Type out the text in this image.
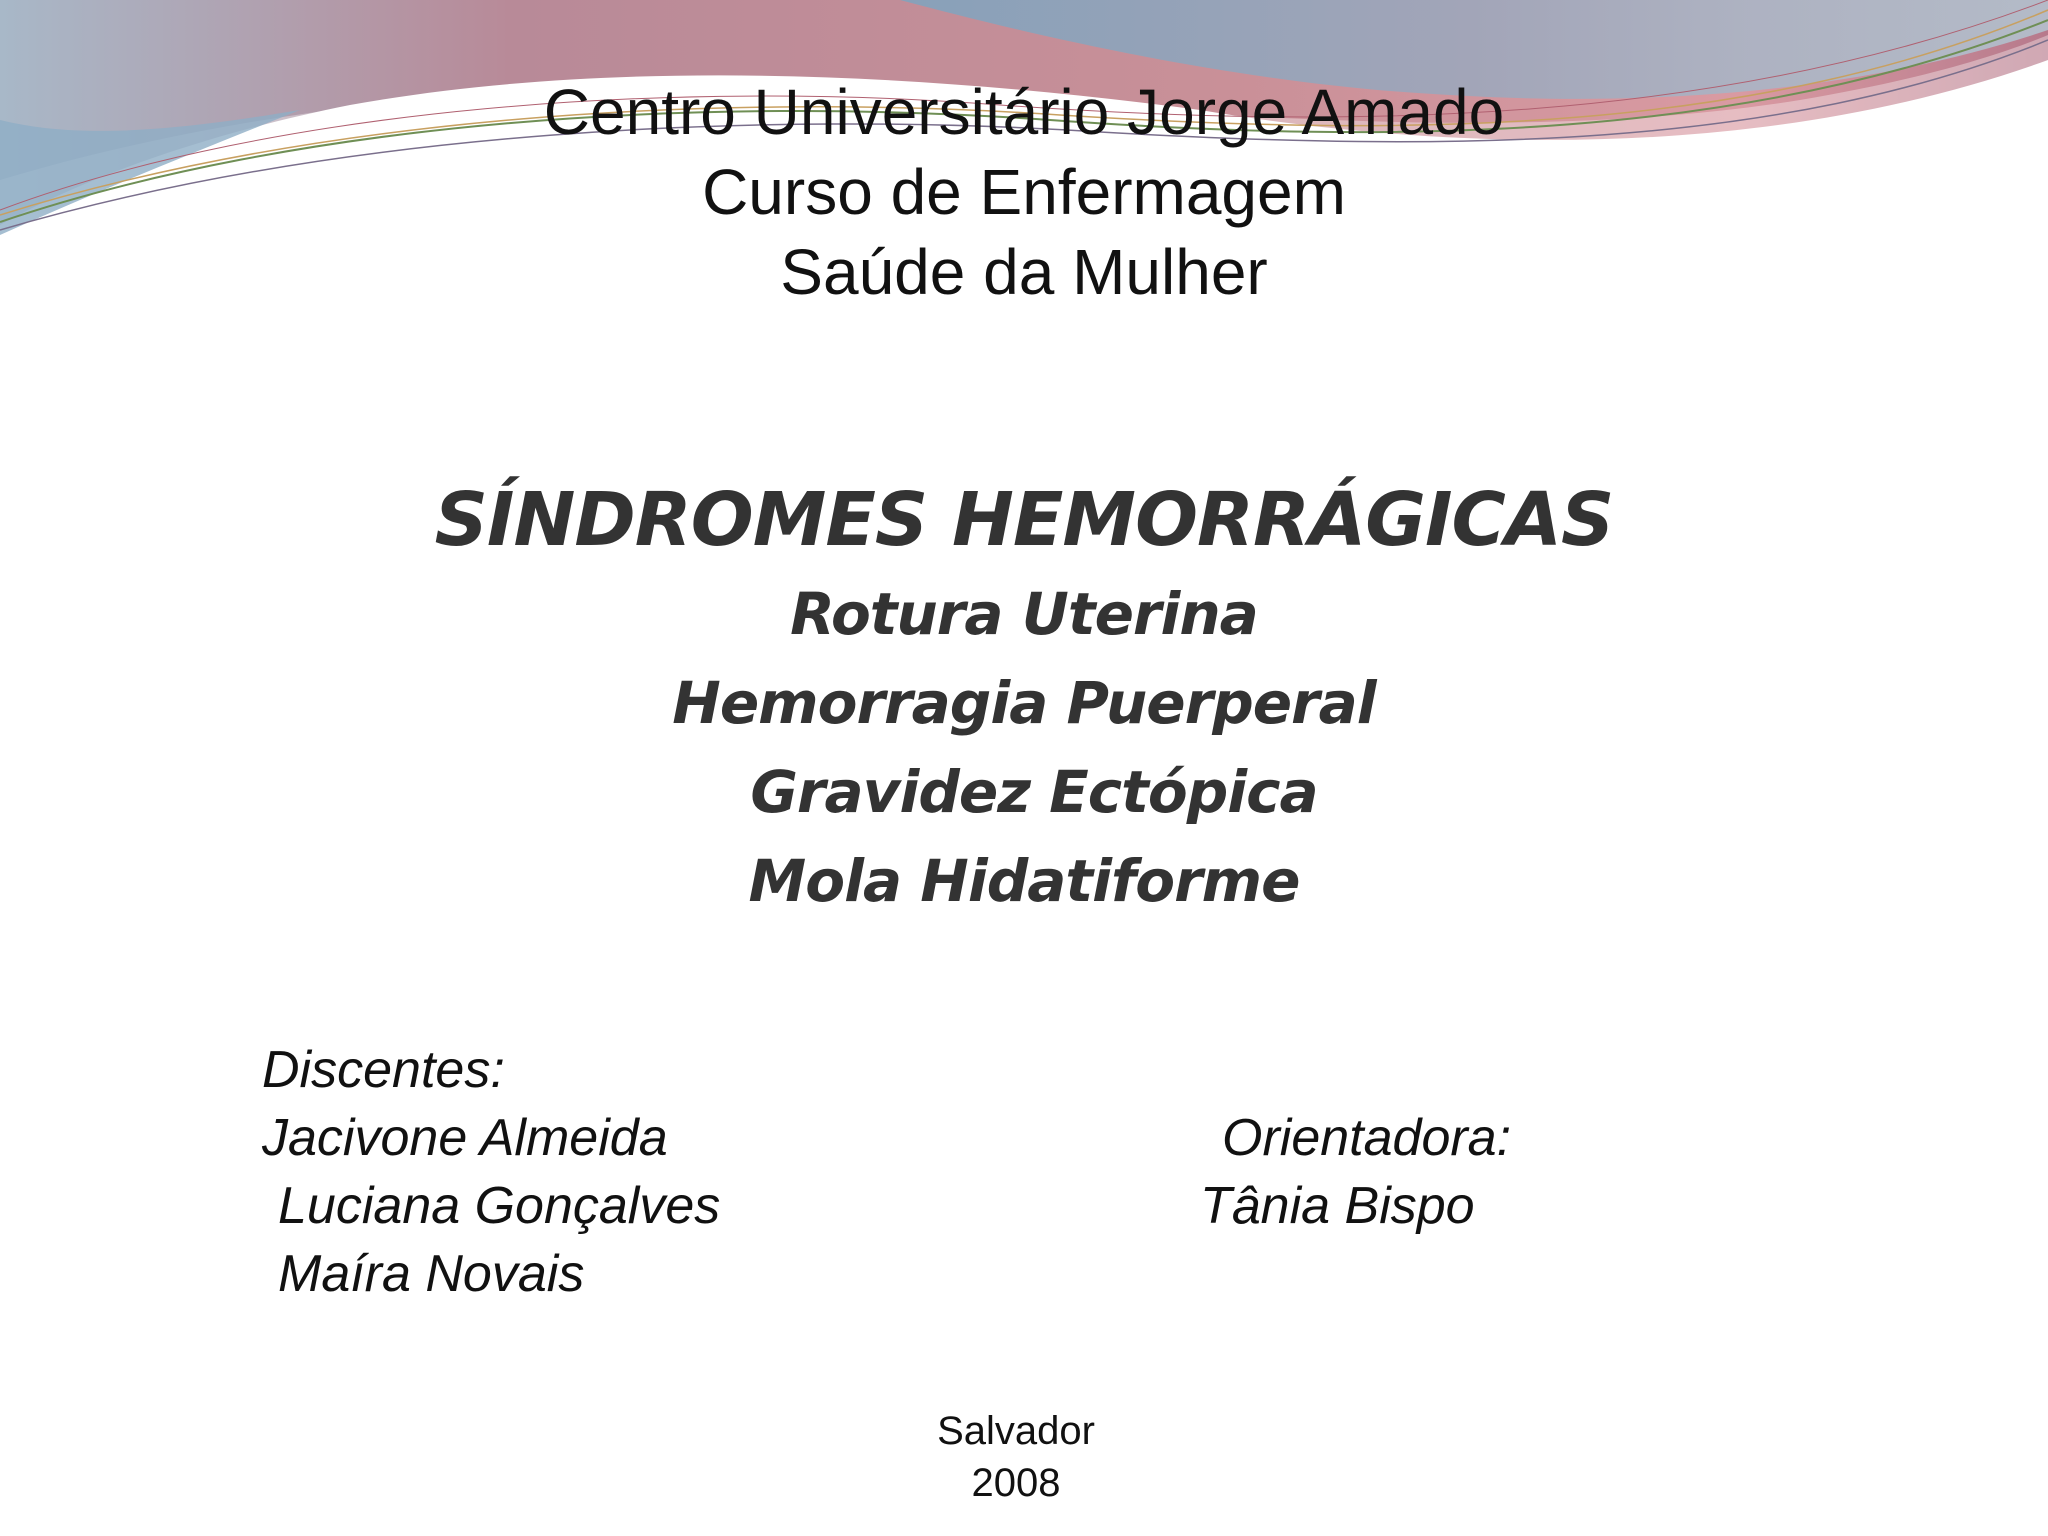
Centro Universitário Jorge Amado
Curso de Enfermagem
Saúde da Mulher
SÍNDROMES HEMORRÁGICAS
Rotura Uterina
Hemorragia Puerperal
Gravidez Ectópica
Mola Hidatiforme
Discentes:
Jacivone Almeida
Luciana Gonçalves
Maíra Novais
Orientadora:
Tânia Bispo
Salvador
2008
